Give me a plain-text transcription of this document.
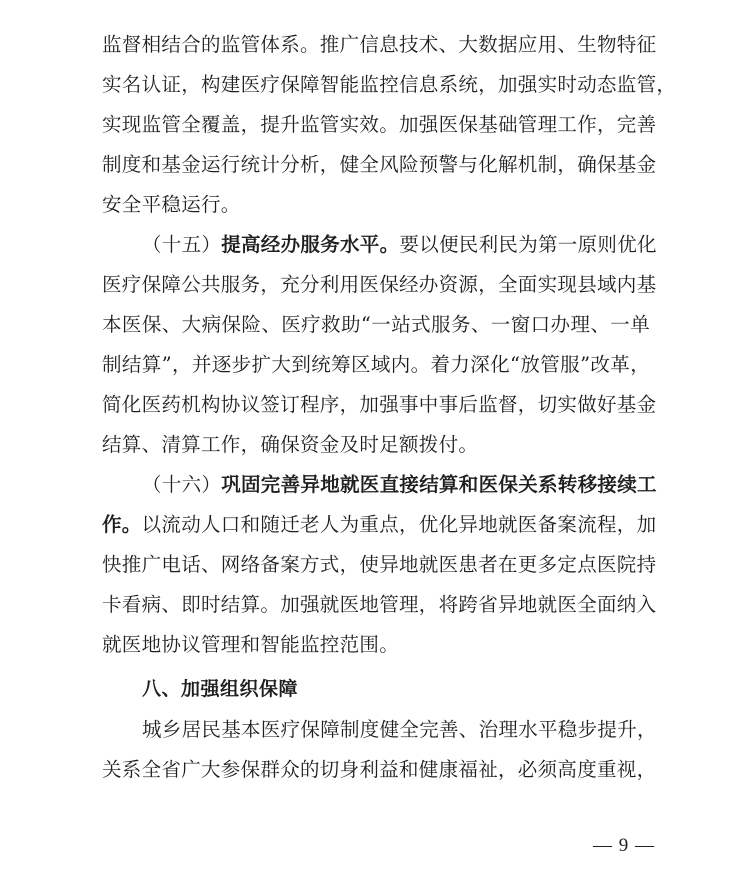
监督相结合的监管体系。推广信息技术、大数据应用、生物特征
实名认证，构建医疗保障智能监控信息系统，加强实时动态监管，
实现监管全覆盖，提升监管实效。加强医保基础管理工作，完善
制度和基金运行统计分析，健全风险预警与化解机制，确保基金
安全平稳运行。
（十五）提高经办服务水平。要以便民利民为第一原则优化
医疗保障公共服务，充分利用医保经办资源，全面实现县域内基
本医保、大病保险、医疗救助“一站式服务、一窗口办理、一单
制结算”，并逐步扩大到统筹区域内。着力深化“放管服”改革，
简化医药机构协议签订程序，加强事中事后监督，切实做好基金
结算、清算工作，确保资金及时足额拨付。
（十六）巩固完善异地就医直接结算和医保关系转移接续工
作。以流动人口和随迁老人为重点，优化异地就医备案流程，加
快推广电话、网络备案方式，使异地就医患者在更多定点医院持
卡看病、即时结算。加强就医地管理，将跨省异地就医全面纳入
就医地协议管理和智能监控范围。
八、加强组织保障
城乡居民基本医疗保障制度健全完善、治理水平稳步提升，
关系全省广大参保群众的切身利益和健康福祉，必须高度重视，
— 9 —
